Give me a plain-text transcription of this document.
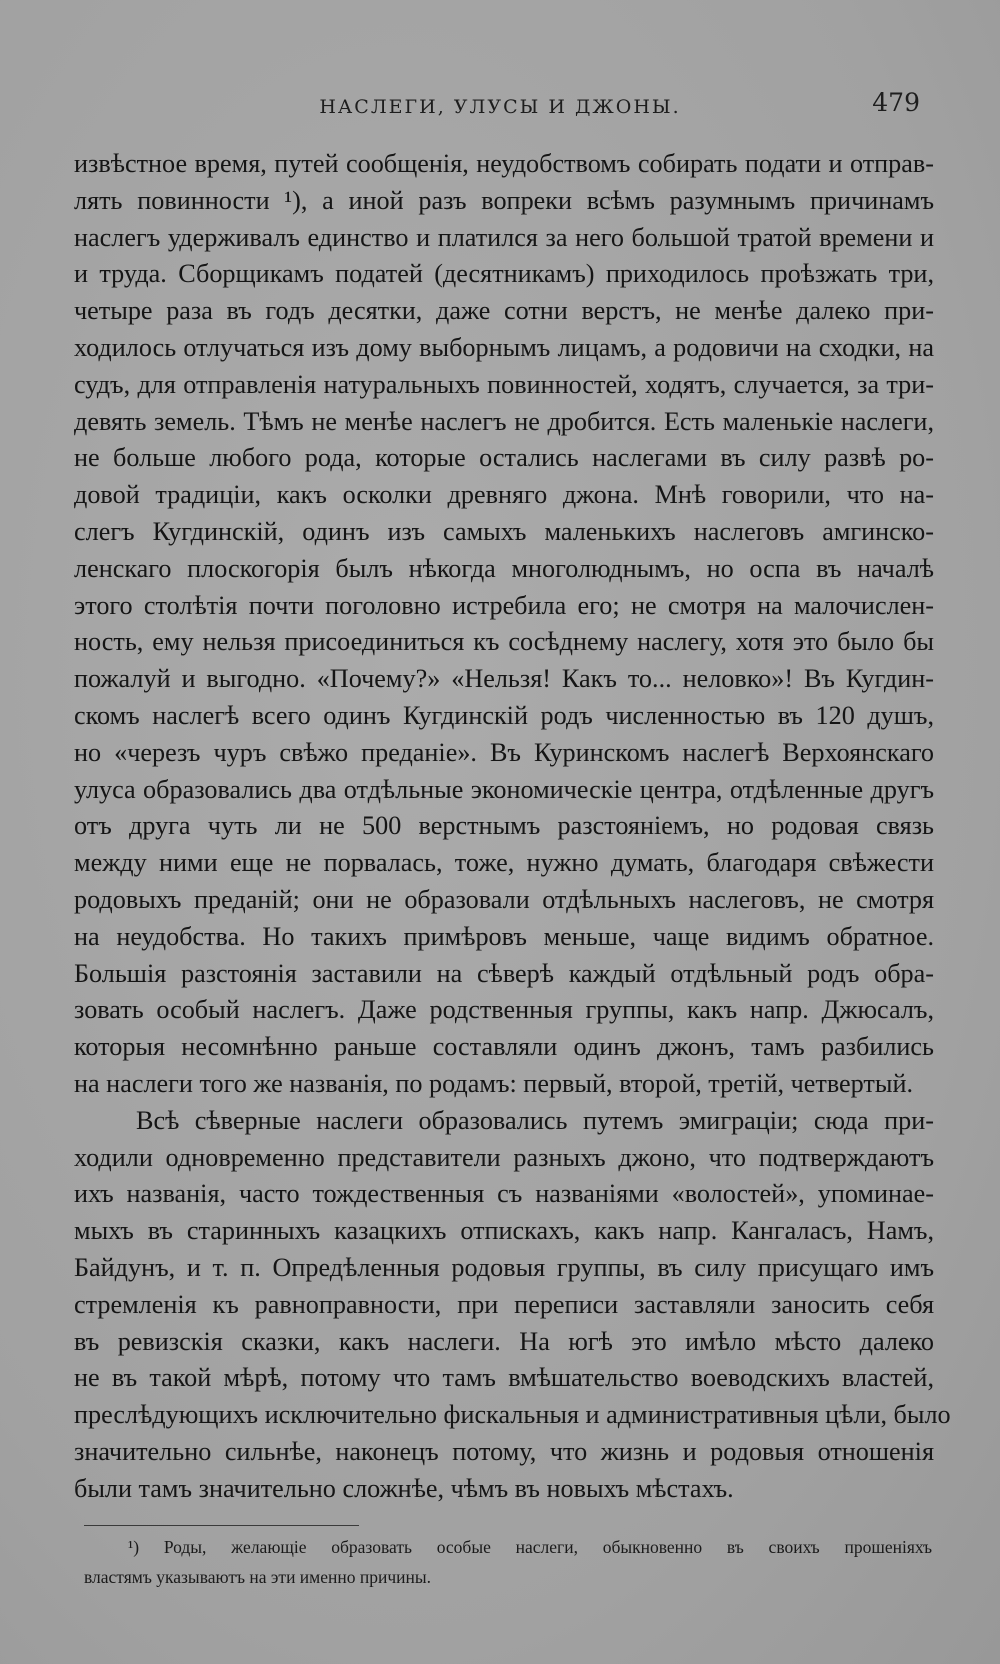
НАСЛЕГИ, УЛУСЫ И ДЖОНЫ.	479
извѣстное время, путей сообщенія, неудобствомъ собирать подати и отправ-
лять повинности ¹), а иной разъ вопреки всѣмъ разумнымъ причинамъ
наслегъ удерживалъ единство и платился за него большой тратой времени и
и труда. Сборщикамъ податей (десятникамъ) приходилось проѣзжать три,
четыре раза въ годъ десятки, даже сотни верстъ, не менѣе далеко при-
ходилось отлучаться изъ дому выборнымъ лицамъ, а родовичи на сходки, на
судъ, для отправленія натуральныхъ повинностей, ходятъ, случается, за три-
девять земель. Тѣмъ не менѣе наслегъ не дробится. Есть маленькіе наслеги,
не больше любого рода, которые остались наслегами въ силу развѣ ро-
довой традиціи, какъ осколки древняго джона. Мнѣ говорили, что на-
слегъ Кугдинскій, одинъ изъ самыхъ маленькихъ наслеговъ амгинско-
ленскаго плоскогорія былъ нѣкогда многолюднымъ, но оспа въ началѣ
этого столѣтія почти поголовно истребила его; не смотря на малочислен-
ность, ему нельзя присоединиться къ сосѣднему наслегу, хотя это было бы
пожалуй и выгодно. «Почему?» «Нельзя! Какъ то... неловко»! Въ Кугдин-
скомъ наслегѣ всего одинъ Кугдинскій родъ численностью въ 120 душъ,
но «черезъ чуръ свѣжо преданіе». Въ Куринскомъ наслегѣ Верхоянскаго
улуса образовались два отдѣльные экономическіе центра, отдѣленные другъ
отъ друга чуть ли не 500 верстнымъ разстояніемъ, но родовая связь
между ними еще не порвалась, тоже, нужно думать, благодаря свѣжести
родовыхъ преданій; они не образовали отдѣльныхъ наслеговъ, не смотря
на неудобства. Но такихъ примѣровъ меньше, чаще видимъ обратное.
Большія разстоянія заставили на сѣверѣ каждый отдѣльный родъ обра-
зовать особый наслегъ. Даже родственныя группы, какъ напр. Джюсалъ,
которыя несомнѣнно раньше составляли одинъ джонъ, тамъ разбились
на наслеги того же названія, по родамъ: первый, второй, третій, четвертый.
Всѣ сѣверные наслеги образовались путемъ эмиграціи; сюда при-
ходили одновременно представители разныхъ джоно, что подтверждаютъ
ихъ названія, часто тождественныя съ названіями «волостей», упоминае-
мыхъ въ старинныхъ казацкихъ отпискахъ, какъ напр. Кангаласъ, Намъ,
Байдунъ, и т. п. Опредѣленныя родовыя группы, въ силу присущаго имъ
стремленія къ равноправности, при переписи заставляли заносить себя
въ ревизскія сказки, какъ наслеги. На югѣ это имѣло мѣсто далеко
не въ такой мѣрѣ, потому что тамъ вмѣшательство воеводскихъ властей,
преслѣдующихъ исключительно фискальныя и административныя цѣли, было
значительно сильнѣе, наконецъ потому, что жизнь и родовыя отношенія
были тамъ значительно сложнѣе, чѣмъ въ новыхъ мѣстахъ.
¹) Роды, желающіе образовать особые наслеги, обыкновенно въ своихъ прошеніяхъ
властямъ указываютъ на эти именно причины.
